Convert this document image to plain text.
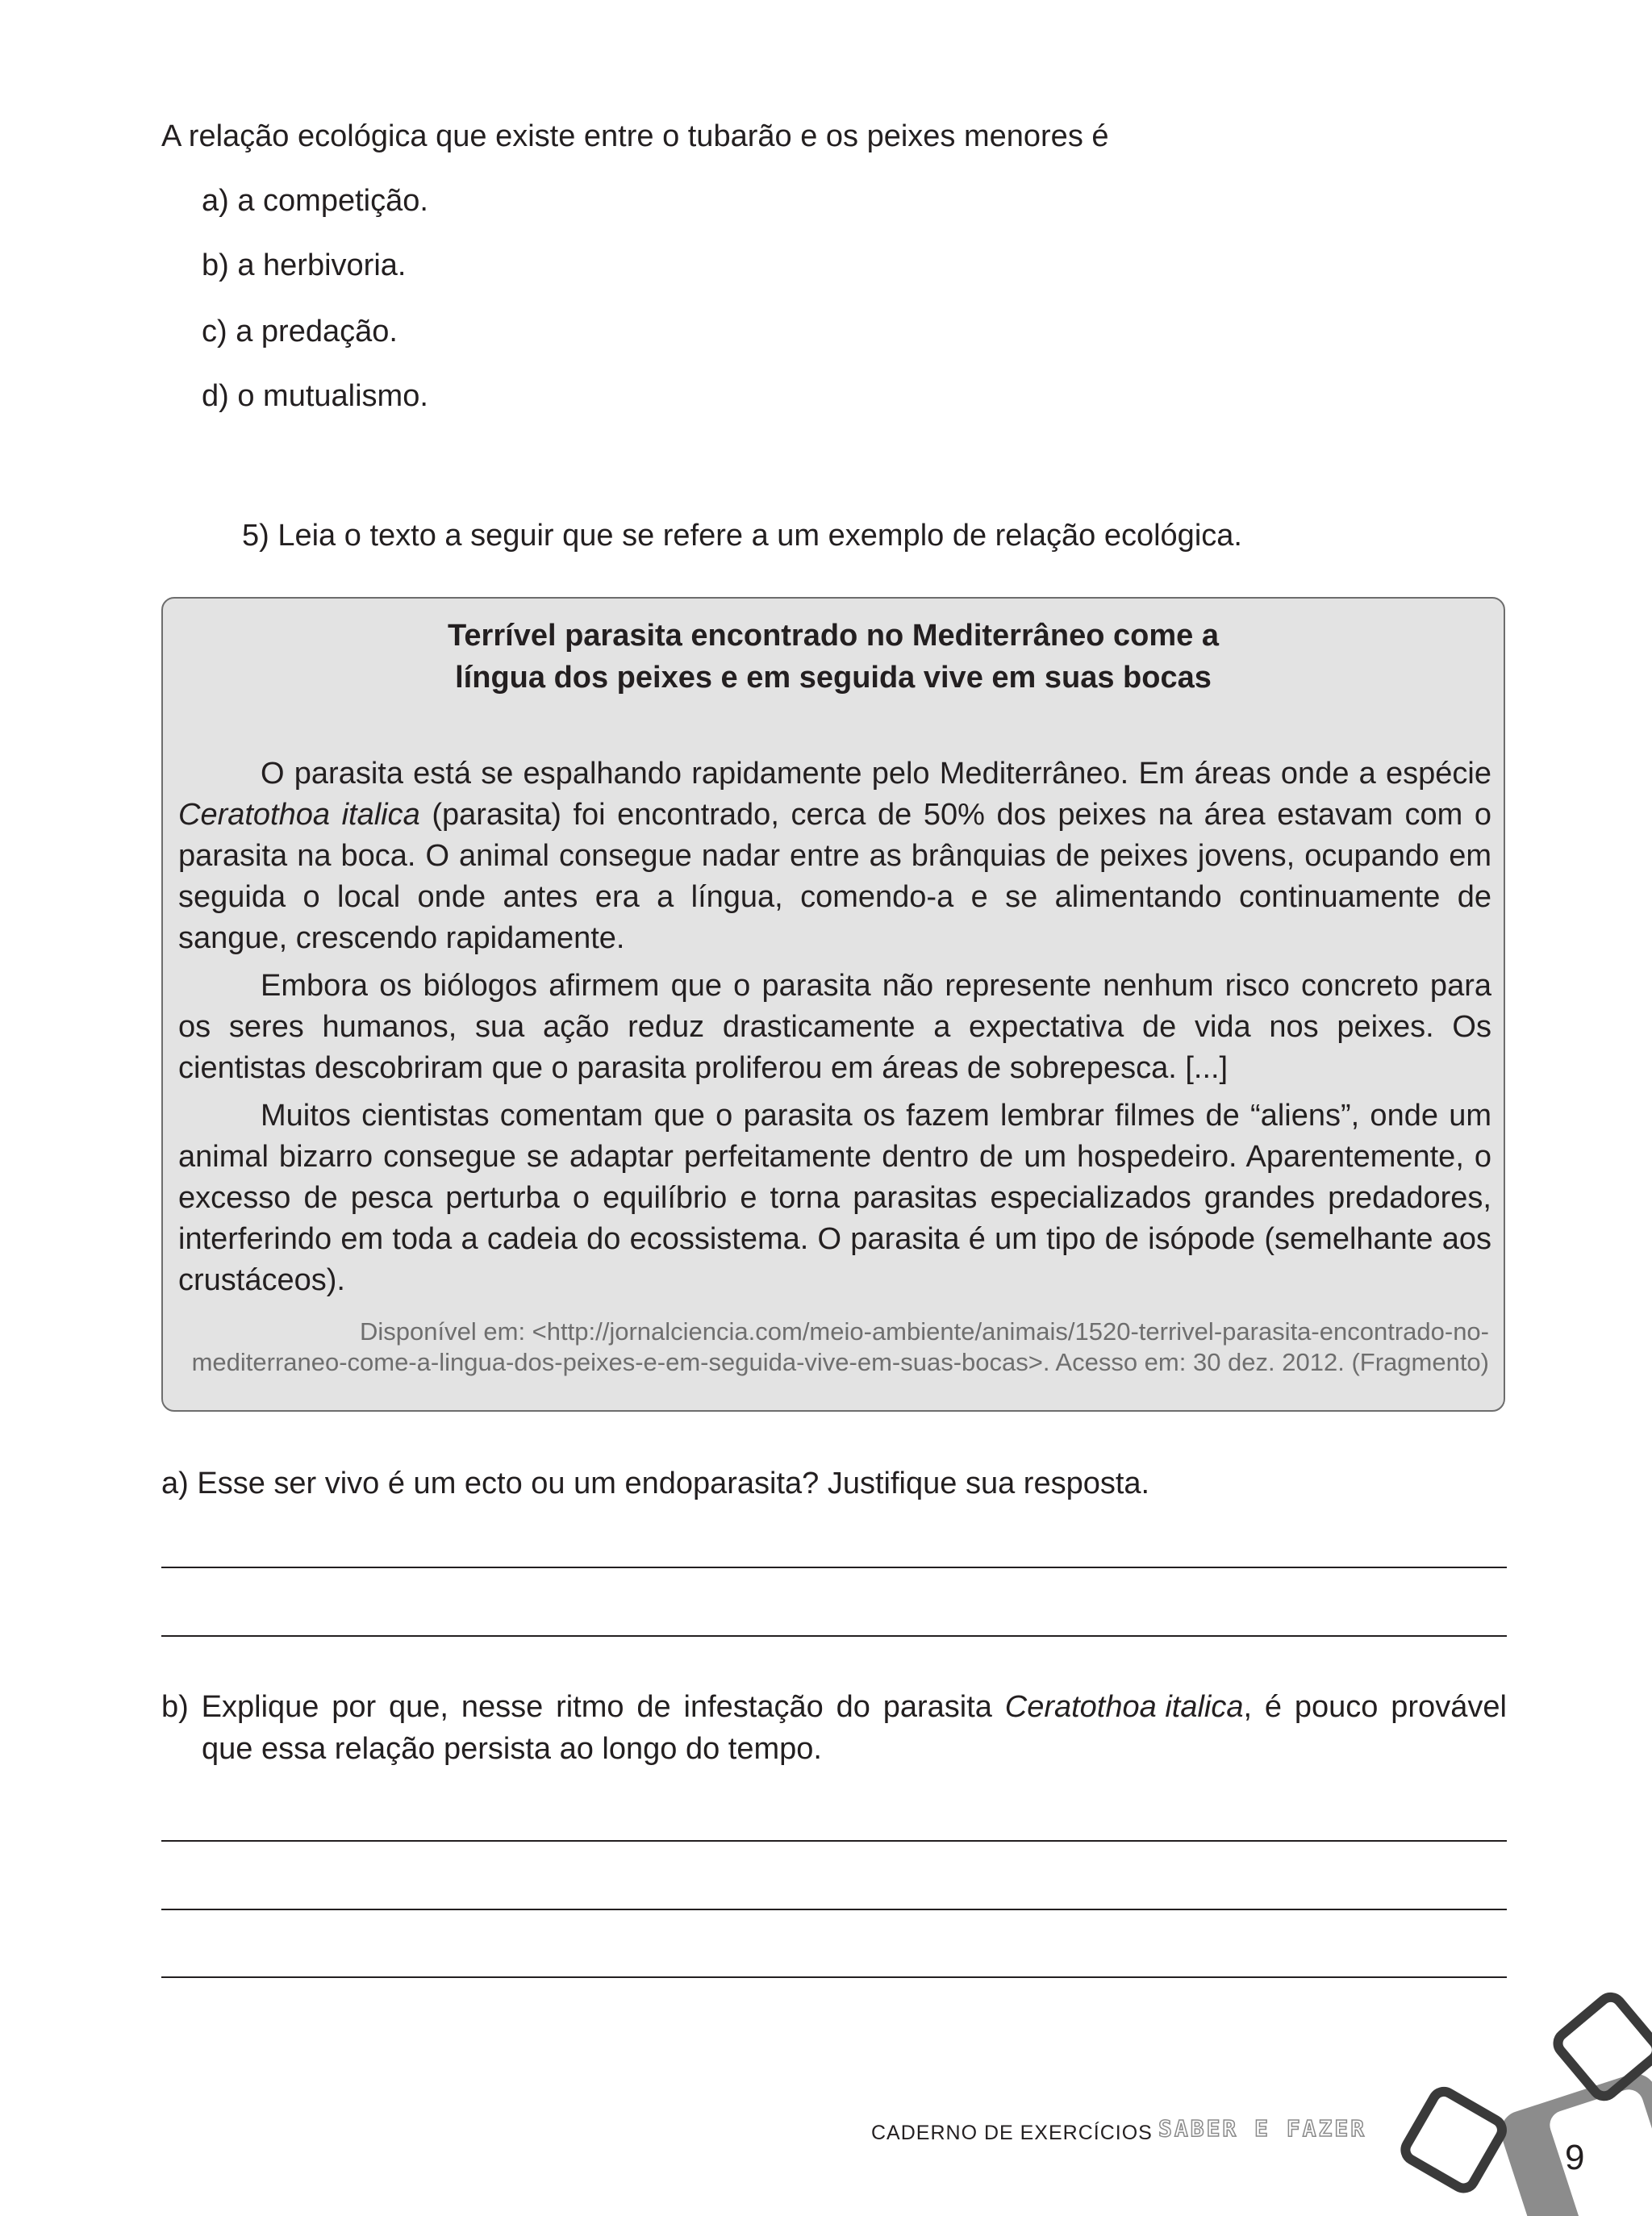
A relação ecológica que existe entre o tubarão e os peixes menores é
a) a competição.
b) a herbivoria.
c) a predação.
d) o mutualismo.
5) Leia o texto a seguir que se refere a um exemplo de relação ecológica.
Terrível parasita encontrado no Mediterrâneo come a
língua dos peixes e em seguida vive em suas bocas

O parasita está se espalhando rapidamente pelo Mediterrâneo. Em áreas onde a espécie Ceratothoa italica (parasita) foi encontrado, cerca de 50% dos peixes na área estavam com o parasita na boca. O animal consegue nadar entre as brânquias de peixes jovens, ocupando em seguida o local onde antes era a língua, comendo-a e se alimentando continuamente de sangue, crescendo rapidamente.

Embora os biólogos afirmem que o parasita não represente nenhum risco concreto para os seres humanos, sua ação reduz drasticamente a expectativa de vida nos peixes. Os cientistas descobriram que o parasita proliferou em áreas de sobrepesca. [...]

Muitos cientistas comentam que o parasita os fazem lembrar filmes de “aliens”, onde um animal bizarro consegue se adaptar perfeitamente dentro de um hospedeiro. Aparentemente, o excesso de pesca perturba o equilíbrio e torna parasitas especializados grandes predadores, interferindo em toda a cadeia do ecossistema. O parasita é um tipo de isópode (semelhante aos crustáceos).

Disponível em: <http://jornalciencia.com/meio-ambiente/animais/1520-terrivel-parasita-encontrado-no-
mediterraneo-come-a-lingua-dos-peixes-e-em-seguida-vive-em-suas-bocas>. Acesso em: 30 dez. 2012. (Fragmento)
a) Esse ser vivo é um ecto ou um endoparasita? Justifique sua resposta.
b) Explique por que, nesse ritmo de infestação do parasita Ceratothoa italica, é pouco provável
que essa relação persista ao longo do tempo.
CADERNO DE EXERCÍCIOS SABER E FAZER
9
